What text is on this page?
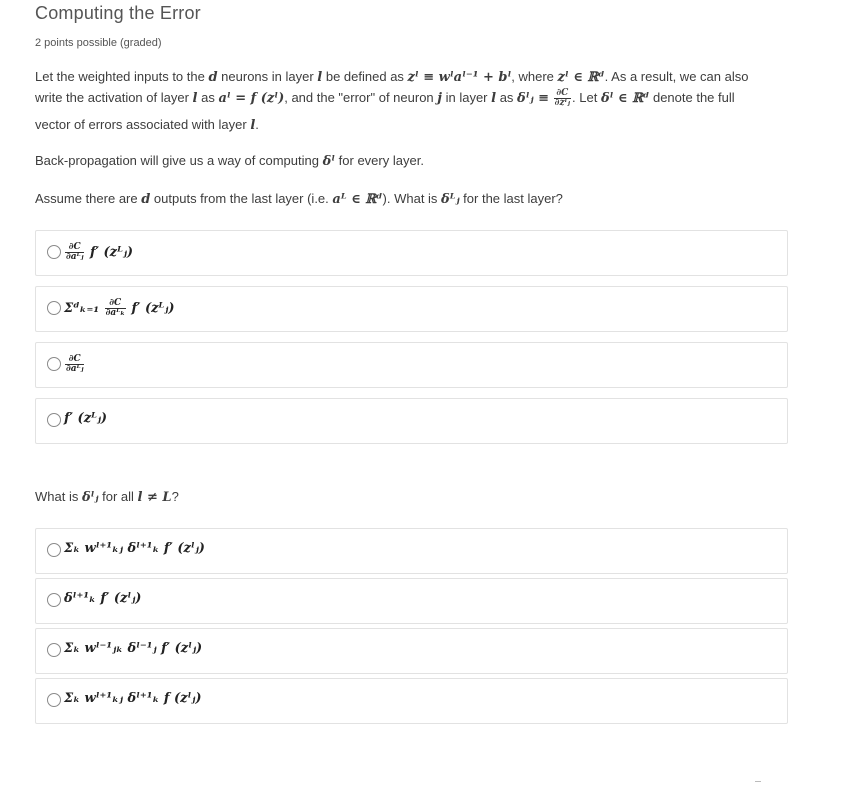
Computing the Error
2 points possible (graded)
Let the weighted inputs to the d neurons in layer l be defined as zˡ ≡ wˡaˡ⁻¹ + bˡ, where zˡ ∈ ℝᵈ. As a result, we can also
write the activation of layer l as aˡ = f (zˡ), and the "error" of neuron j in layer l as δˡⱼ ≡ $\frac{\partial C}{\text{∂zˡⱼ}}$ . Let δˡ ∈ ℝᵈ denote the full
vector of errors associated with layer l.
Back-propagation will give us a way of computing δˡ for every layer.
Assume there are d outputs from the last layer (i.e. aᴸ ∈ ℝᵈ). What is δᴸⱼ for the last layer?
$\frac{\partial C}{\text{∂aᴸⱼ}} f'$ (zᴸⱼ)
Σᵈₖ₌₁ $\frac{\partial C}{\text{∂aᴸₖ}} f'$ (zᴸⱼ)
$\frac{\partial C}{\text{∂aᴸⱼ}}$
f′ (zᴸⱼ)
What is δˡⱼ for all l ≠ L?
Σₖ wˡ⁺¹ₖⱼ δˡ⁺¹ₖ f′ (zˡⱼ)
δˡ⁺¹ₖ f′ (zˡⱼ)
Σₖ wˡ⁻¹ⱼₖ δˡ⁻¹ⱼ f′ (zˡⱼ)
Σₖ wˡ⁺¹ₖⱼ δˡ⁺¹ₖ f (zˡⱼ)
